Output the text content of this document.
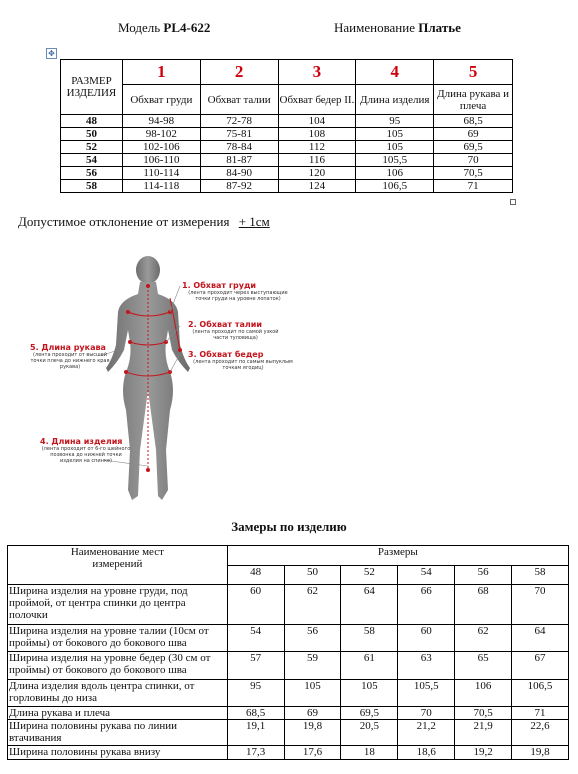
Модель PL4-622	Наименование Платье
✥
РАЗМЕР ИЗДЕЛИЯ	1	2	3	4	5
	Обхват груди	Обхват талии	Обхват бедер II.	Длина изделия	Длина рукава и плеча
48	94-98	72-78	104	95	68,5
50	98-102	75-81	108	105	69
52	102-106	78-84	112	105	69,5
54	106-110	81-87	116	105,5	70
56	110-114	84-90	120	106	70,5
58	114-118	87-92	124	106,5	71
Допустимое отклонение от измерения + 1см
1. Обхват груди
(лента проходит через выступающие точки груди на уровне лопаток)
2. Обхват талии
(лента проходит по самой узкой части туловища)
3. Обхват бедер
(лента проходит по самым выпуклым точкам ягодиц)
4. Длина изделия
(лента проходит от 6-го шейного позвонка до нижней точки изделия на спинке)
5. Длина рукава
(лента проходит от высшей точки плеча до нижнего края рукава)
Замеры по изделию
Наименование мест измерений	Размеры					
	48	50	52	54	56	58
Ширина изделия на уровне груди, под проймой, от центра спинки до центра полочки	60	62	64	66	68	70
Ширина изделия на уровне талии (10см от проймы) от бокового до бокового шва	54	56	58	60	62	64
Ширина изделия на уровне бедер (30 см от проймы) от бокового до бокового шва	57	59	61	63	65	67
Длина изделия вдоль центра спинки, от горловины до низа	95	105	105	105,5	106	106,5
Длина рукава и плеча	68,5	69	69,5	70	70,5	71
Ширина половины рукава по линии втачивания	19,1	19,8	20,5	21,2	21,9	22,6
Ширина половины рукава внизу	17,3	17,6	18	18,6	19,2	19,8
